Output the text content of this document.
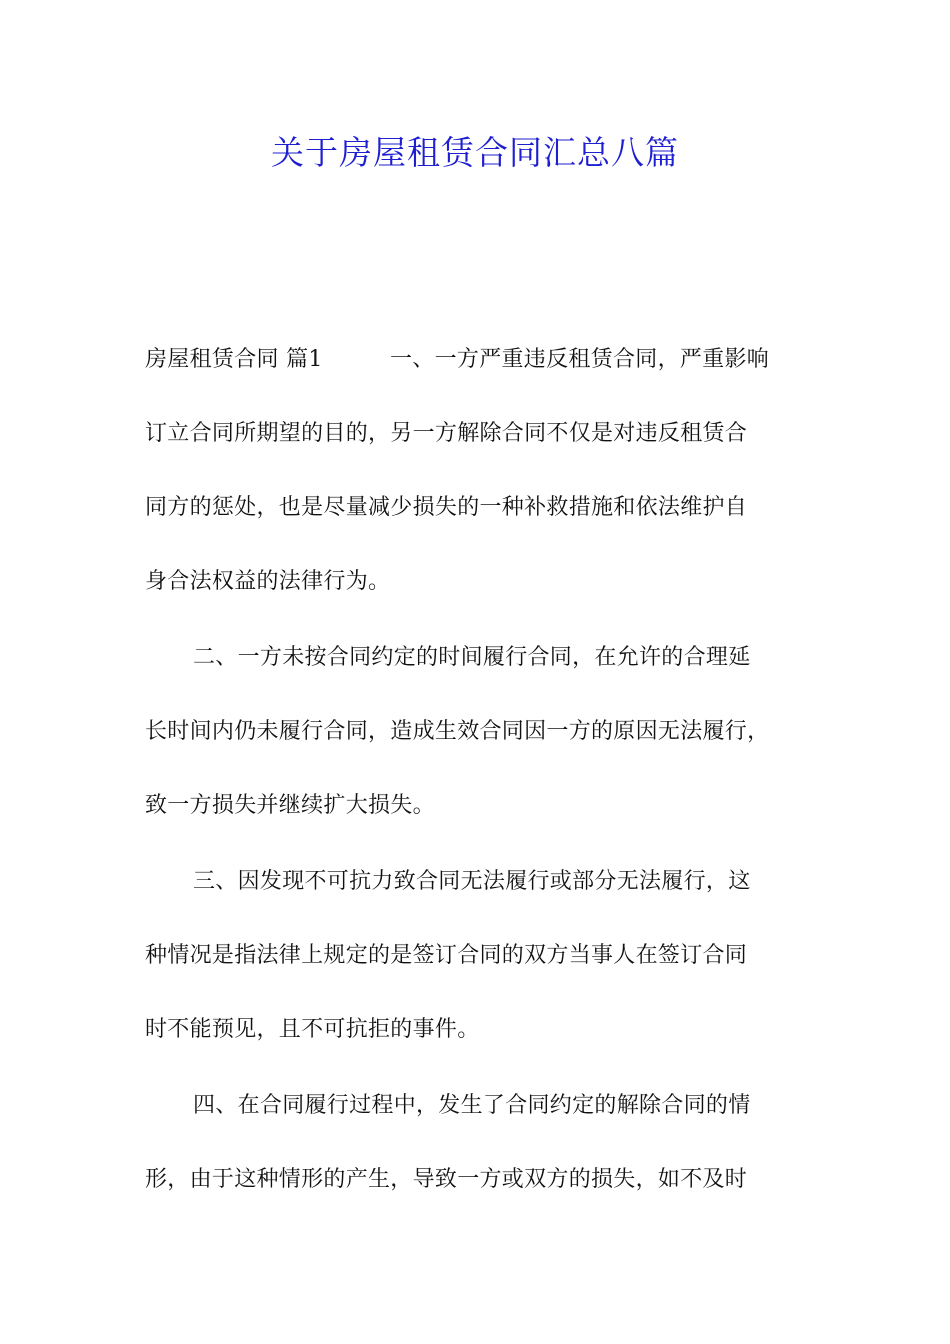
关于房屋租赁合同汇总八篇
房屋租赁合同 篇1	一、一方严重违反租赁合同，严重影响
订立合同所期望的目的，另一方解除合同不仅是对违反租赁合
同方的惩处，也是尽量减少损失的一种补救措施和依法维护自
身合法权益的法律行为。
二、一方未按合同约定的时间履行合同，在允许的合理延
长时间内仍未履行合同，造成生效合同因一方的原因无法履行，
致一方损失并继续扩大损失。
三、因发现不可抗力致合同无法履行或部分无法履行，这
种情况是指法律上规定的是签订合同的双方当事人在签订合同
时不能预见，且不可抗拒的事件。
四、在合同履行过程中，发生了合同约定的解除合同的情
形，由于这种情形的产生，导致一方或双方的损失，如不及时
